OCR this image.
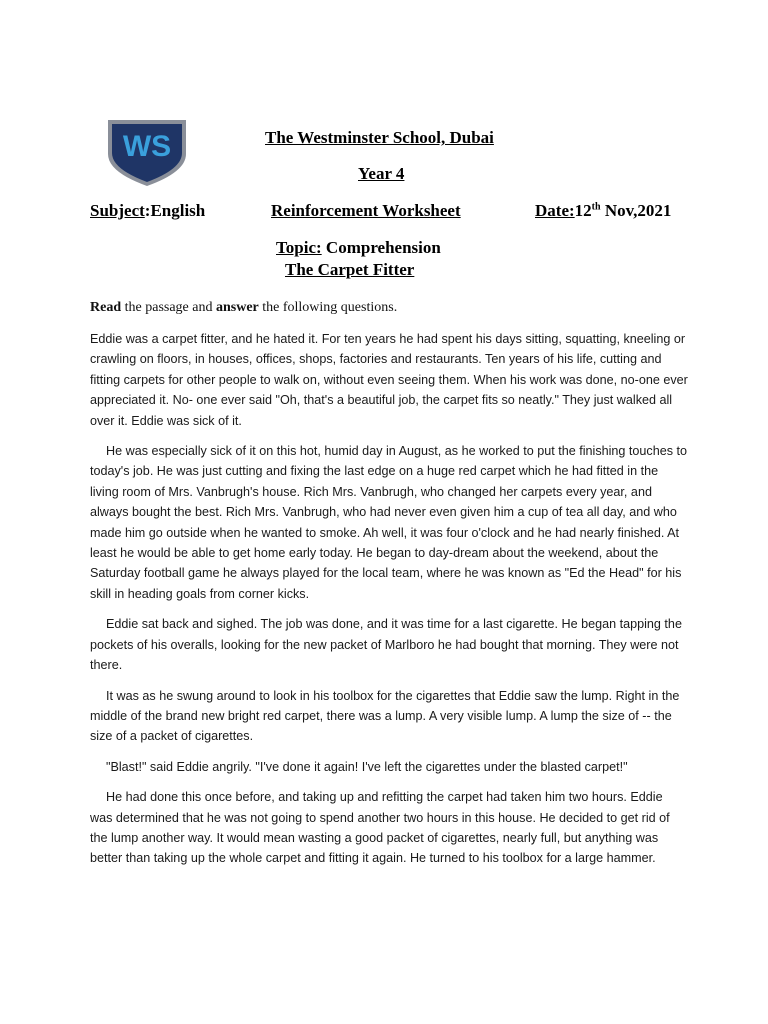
WS	The Westminster School, Dubai
Year 4
Subject:English	Reinforcement Worksheet	Date:12th Nov,2021
Topic: Comprehension
The Carpet Fitter
Read the passage and answer the following questions.

Eddie was a carpet fitter, and he hated it. For ten years he had spent his days sitting, squatting, kneeling or crawling on floors, in houses, offices, shops, factories and restaurants. Ten years of his life, cutting and fitting carpets for other people to walk on, without even seeing them. When his work was done, no-one ever appreciated it. No- one ever said "Oh, that's a beautiful job, the carpet fits so neatly." They just walked all over it. Eddie was sick of it.

He was especially sick of it on this hot, humid day in August, as he worked to put the finishing touches to today's job. He was just cutting and fixing the last edge on a huge red carpet which he had fitted in the living room of Mrs. Vanbrugh's house. Rich Mrs. Vanbrugh, who changed her carpets every year, and always bought the best. Rich Mrs. Vanbrugh, who had never even given him a cup of tea all day, and who made him go outside when he wanted to smoke. Ah well, it was four o'clock and he had nearly finished. At least he would be able to get home early today. He began to day-dream about the weekend, about the Saturday football game he always played for the local team, where he was known as "Ed the Head" for his skill in heading goals from corner kicks.

Eddie sat back and sighed. The job was done, and it was time for a last cigarette. He began tapping the pockets of his overalls, looking for the new packet of Marlboro he had bought that morning. They were not there.

It was as he swung around to look in his toolbox for the cigarettes that Eddie saw the lump. Right in the middle of the brand new bright red carpet, there was a lump. A very visible lump. A lump the size of -- the size of a packet of cigarettes.

"Blast!" said Eddie angrily. "I've done it again! I've left the cigarettes under the blasted carpet!"

He had done this once before, and taking up and refitting the carpet had taken him two hours. Eddie was determined that he was not going to spend another two hours in this house. He decided to get rid of the lump another way. It would mean wasting a good packet of cigarettes, nearly full, but anything was better than taking up the whole carpet and fitting it again. He turned to his toolbox for a large hammer.
